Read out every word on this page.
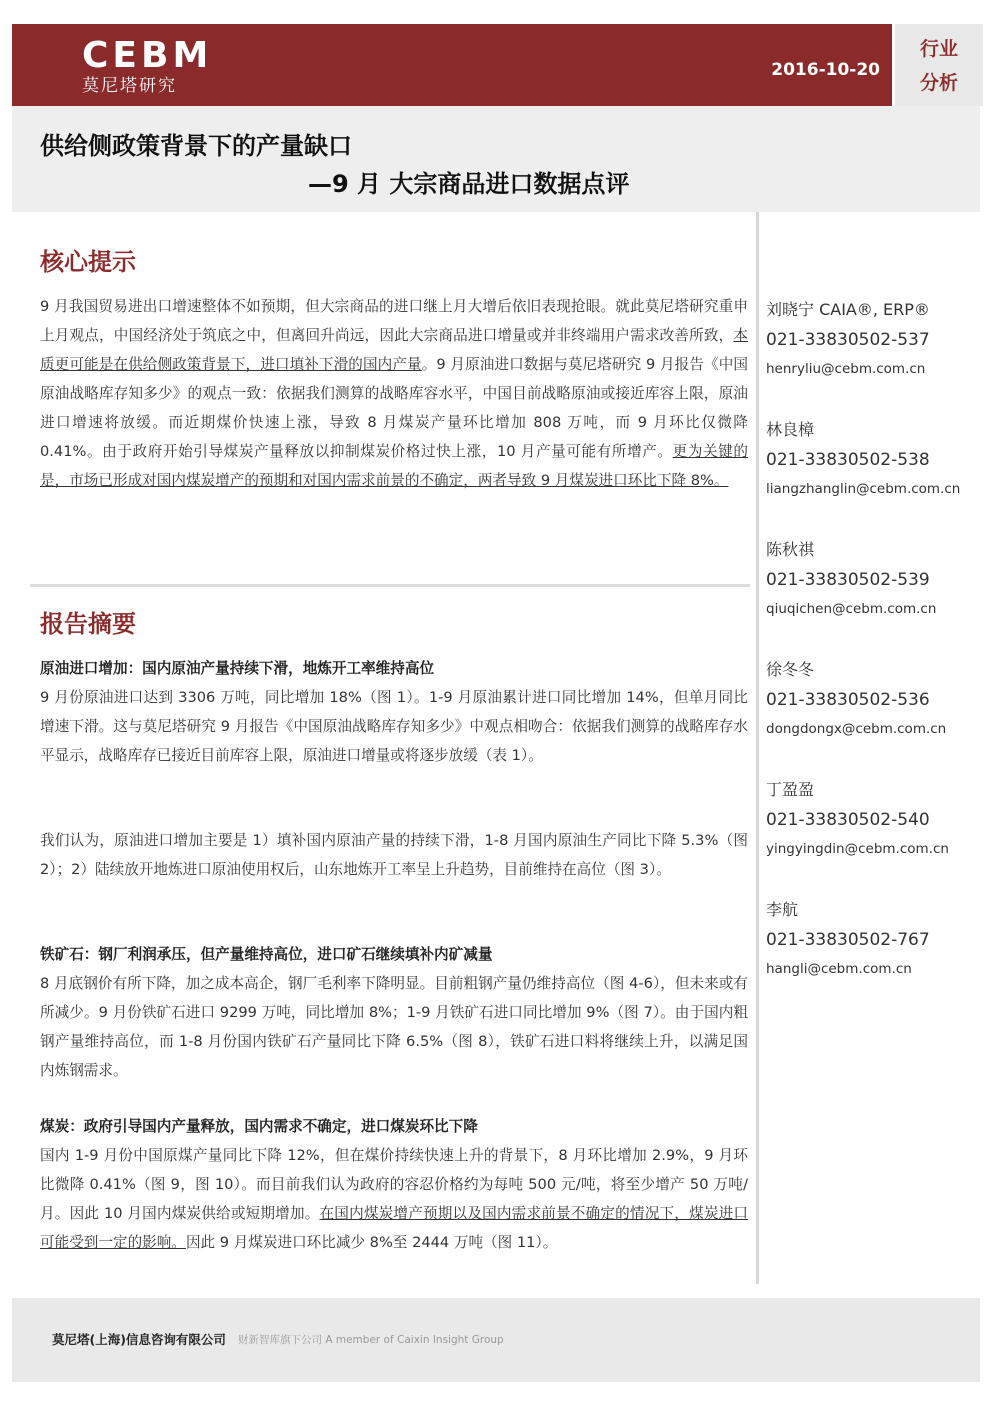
CEBM
莫尼塔研究
2016-10-20
行业
分析
供给侧政策背景下的产量缺口
—9 月 大宗商品进口数据点评
核心提示
9 月我国贸易进出口增速整体不如预期，但大宗商品的进口继上月大增后依旧表现抢眼。就此莫尼塔研究重申上月观点，中国经济处于筑底之中，但离回升尚远，因此大宗商品进口增量或并非终端用户需求改善所致，本质更可能是在供给侧政策背景下，进口填补下滑的国内产量。9 月原油进口数据与莫尼塔研究 9 月报告《中国原油战略库存知多少》的观点一致：依据我们测算的战略库容水平，中国目前战略原油或接近库容上限，原油进口增速将放缓。而近期煤价快速上涨，导致 8 月煤炭产量环比增加 808 万吨，而 9 月环比仅微降 0.41%。由于政府开始引导煤炭产量释放以抑制煤炭价格过快上涨，10 月产量可能有所增产。更为关键的是，市场已形成对国内煤炭增产的预期和对国内需求前景的不确定，两者导致 9 月煤炭进口环比下降 8%。
报告摘要
原油进口增加：国内原油产量持续下滑，地炼开工率维持高位
9 月份原油进口达到 3306 万吨，同比增加 18%（图 1）。1-9 月原油累计进口同比增加 14%，但单月同比增速下滑。这与莫尼塔研究 9 月报告《中国原油战略库存知多少》中观点相吻合：依据我们测算的战略库存水平显示，战略库存已接近目前库容上限，原油进口增量或将逐步放缓（表 1）。
我们认为，原油进口增加主要是 1）填补国内原油产量的持续下滑，1-8 月国内原油生产同比下降 5.3%（图 2）；2）陆续放开地炼进口原油使用权后，山东地炼开工率呈上升趋势，目前维持在高位（图 3）。
铁矿石：钢厂利润承压，但产量维持高位，进口矿石继续填补内矿减量
8 月底钢价有所下降，加之成本高企，钢厂毛利率下降明显。目前粗钢产量仍维持高位（图 4-6），但未来或有所减少。9 月份铁矿石进口 9299 万吨，同比增加 8%；1-9 月铁矿石进口同比增加 9%（图 7）。由于国内粗钢产量维持高位，而 1-8 月份国内铁矿石产量同比下降 6.5%（图 8），铁矿石进口料将继续上升，以满足国内炼钢需求。
煤炭：政府引导国内产量释放，国内需求不确定，进口煤炭环比下降
国内 1-9 月份中国原煤产量同比下降 12%，但在煤价持续快速上升的背景下，8 月环比增加 2.9%，9 月环比微降 0.41%（图 9，图 10）。而目前我们认为政府的容忍价格约为每吨 500 元/吨，将至少增产 50 万吨/月。因此 10 月国内煤炭供给或短期增加。在国内煤炭增产预期以及国内需求前景不确定的情况下，煤炭进口可能受到一定的影响。因此 9 月煤炭进口环比减少 8%至 2444 万吨（图 11）。
刘晓宁 CAIA®, ERP®
021-33830502-537
henryliu@cebm.com.cn
林良樟
021-33830502-538
liangzhanglin@cebm.com.cn
陈秋祺
021-33830502-539
qiuqichen@cebm.com.cn
徐冬冬
021-33830502-536
dongdongx@cebm.com.cn
丁盈盈
021-33830502-540
yingyingdin@cebm.com.cn
李航
021-33830502-767
hangli@cebm.com.cn
莫尼塔(上海)信息咨询有限公司 财新智库旗下公司 A member of Caixin Insight Group
